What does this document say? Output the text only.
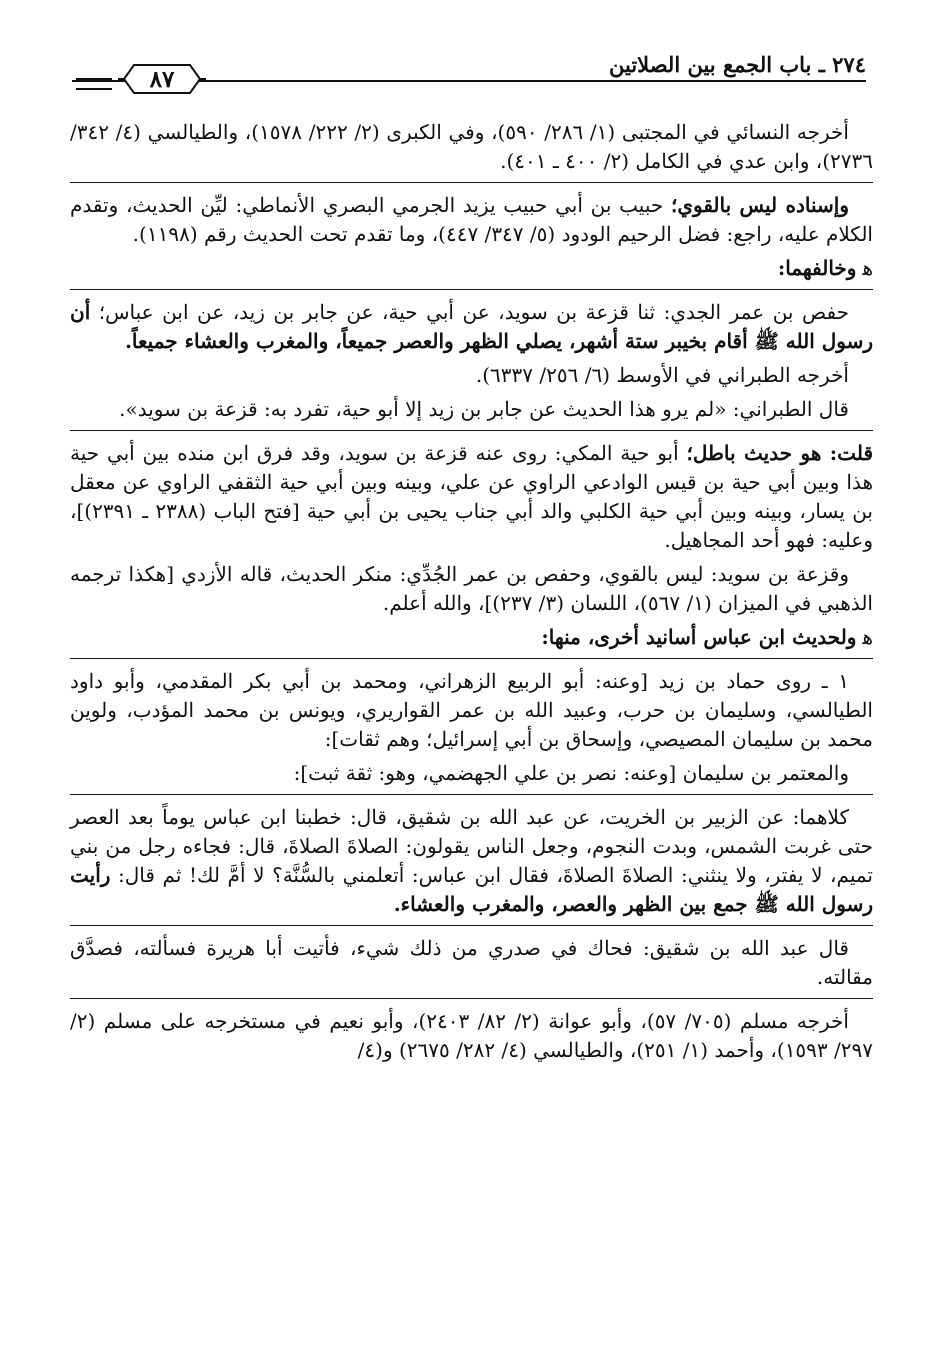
٢٧٤ ـ باب الجمع بين الصلاتين
٨٧

أخرجه النسائي في المجتبى (١/ ٢٨٦/ ٥٩٠)، وفي الكبرى (٢/ ٢٢٢/ ١٥٧٨)، والطيالسي (٤/ ٣٤٢/ ٢٧٣٦)، وابن عدي في الكامل (٢/ ٤٠٠ ـ ٤٠١).

وإسناده ليس بالقوي؛ حبيب بن أبي حبيب يزيد الجرمي البصري الأنماطي: ليِّن الحديث، وتقدم الكلام عليه، راجع: فضل الرحيم الودود (٥/ ٣٤٧/ ٤٤٧)، وما تقدم تحت الحديث رقم (١١٩٨).

ﻫوخالفهما:

حفص بن عمر الجدي: ثنا قزعة بن سويد، عن أبي حية، عن جابر بن زيد، عن ابن عباس؛ أن رسول الله ﷺ أقام بخيبر ستة أشهر، يصلي الظهر والعصر جميعاً، والمغرب والعشاء جميعاً.

أخرجه الطبراني في الأوسط (٦/ ٢٥٦/ ٦٣٣٧).

قال الطبراني: «لم يرو هذا الحديث عن جابر بن زيد إلا أبو حية، تفرد به: قزعة بن سويد».

قلت: هو حديث باطل؛ أبو حية المكي: روى عنه قزعة بن سويد، وقد فرق ابن منده بين أبي حية هذا وبين أبي حية بن قيس الوادعي الراوي عن علي، وبينه وبين أبي حية الثقفي الراوي عن معقل بن يسار، وبينه وبين أبي حية الكلبي والد أبي جناب يحيى بن أبي حية [فتح الباب (٢٣٨٨ ـ ٢٣٩١)]، وعليه: فهو أحد المجاهيل.

وقزعة بن سويد: ليس بالقوي، وحفص بن عمر الجُدِّي: منكر الحديث، قاله الأزدي [هكذا ترجمه الذهبي في الميزان (١/ ٥٦٧)، اللسان (٣/ ٢٣٧)]، والله أعلم.

ﻫولحديث ابن عباس أسانيد أخرى، منها:

١ ـ روى حماد بن زيد [وعنه: أبو الربيع الزهراني، ومحمد بن أبي بكر المقدمي، وأبو داود الطيالسي، وسليمان بن حرب، وعبيد الله بن عمر القواريري، ويونس بن محمد المؤدب، ولوين محمد بن سليمان المصيصي، وإسحاق بن أبي إسرائيل؛ وهم ثقات]:

والمعتمر بن سليمان [وعنه: نصر بن علي الجهضمي، وهو: ثقة ثبت]:

كلاهما: عن الزبير بن الخريت، عن عبد الله بن شقيق، قال: خطبنا ابن عباس يوماً بعد العصر حتى غربت الشمس، وبدت النجوم، وجعل الناس يقولون: الصلاةَ الصلاةَ، قال: فجاءه رجل من بني تميم، لا يفتر، ولا ينثني: الصلاةَ الصلاةَ، فقال ابن عباس: أتعلمني بالسُّنَّة؟ لا أمَّ لك! ثم قال: رأيت رسول الله ﷺ جمع بين الظهر والعصر، والمغرب والعشاء.

قال عبد الله بن شقيق: فحاك في صدري من ذلك شيء، فأتيت أبا هريرة فسألته، فصدَّق مقالته.

أخرجه مسلم (٧٠٥/ ٥٧)، وأبو عوانة (٢/ ٨٢/ ٢٤٠٣)، وأبو نعيم في مستخرجه على مسلم (٢/ ٢٩٧/ ١٥٩٣)، وأحمد (١/ ٢٥١)، والطيالسي (٤/ ٢٨٢/ ٢٦٧٥) و(٤/
